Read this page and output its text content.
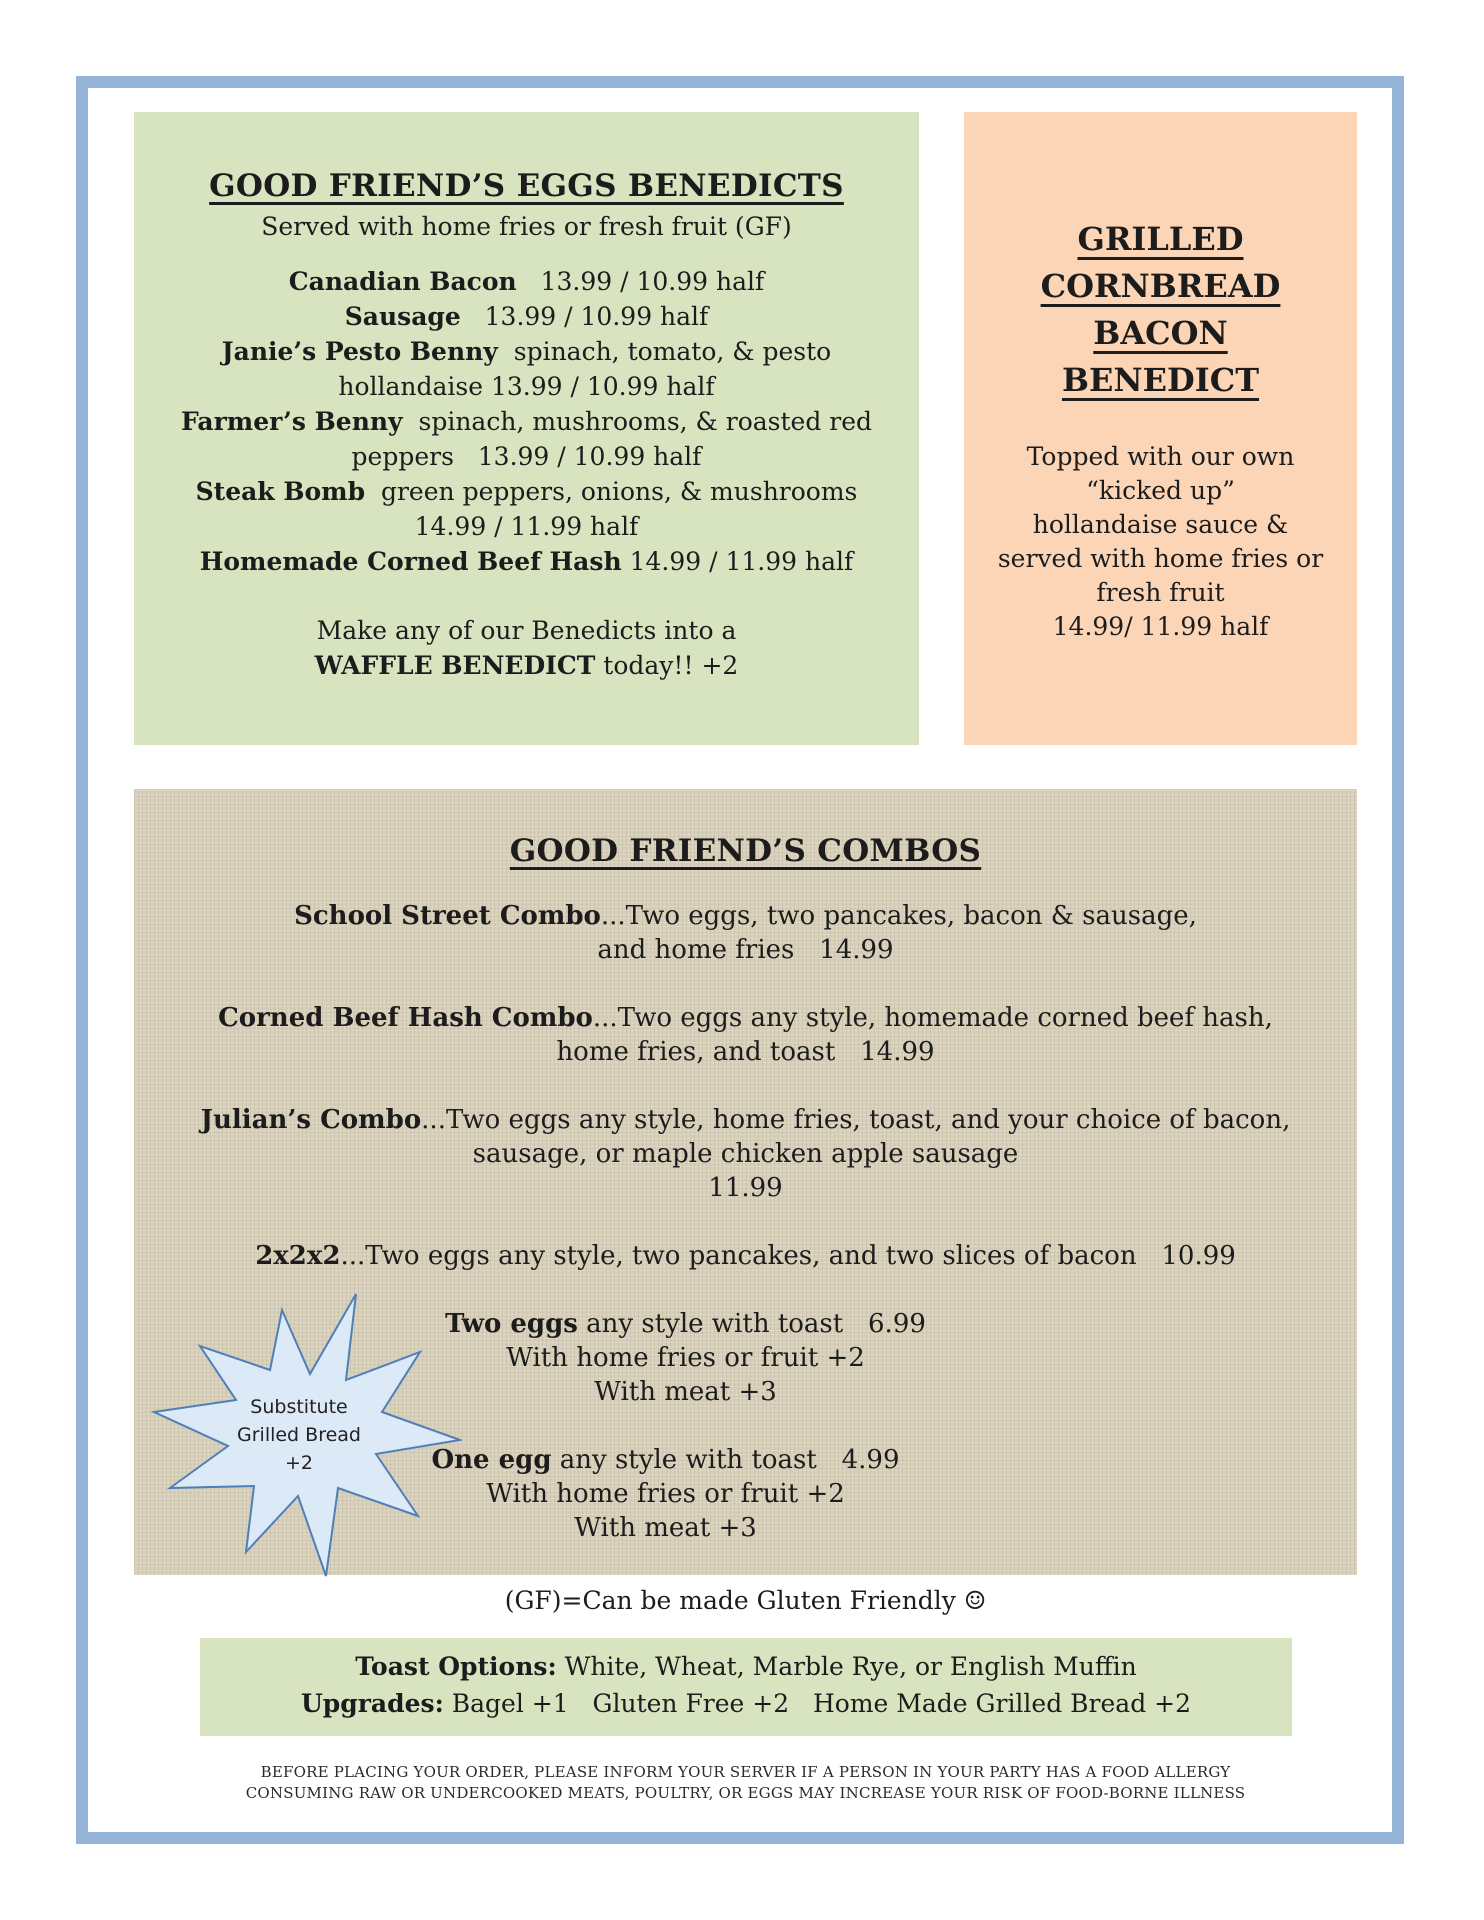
GOOD FRIEND’S EGGS BENEDICTS
Served with home fries or fresh fruit (GF)
Canadian Bacon   13.99 / 10.99 half
Sausage   13.99 / 10.99 half
Janie’s Pesto Benny  spinach, tomato, & pesto
hollandaise 13.99 / 10.99 half
Farmer’s Benny  spinach, mushrooms, & roasted red
peppers   13.99 / 10.99 half
Steak Bomb  green peppers, onions, & mushrooms
14.99 / 11.99 half
Homemade Corned Beef Hash 14.99 / 11.99 half
Make any of our Benedicts into a
WAFFLE BENEDICT today!! +2
GRILLED
CORNBREAD
BACON
BENEDICT
Topped with our own
“kicked up”
hollandaise sauce &
served with home fries or
fresh fruit
14.99/ 11.99 half
GOOD FRIEND’S COMBOS
School Street Combo...Two eggs, two pancakes, bacon & sausage,
and home fries   14.99
Corned Beef Hash Combo...Two eggs any style, homemade corned beef hash,
home fries, and toast   14.99
Julian’s Combo...Two eggs any style, home fries, toast, and your choice of bacon,
sausage, or maple chicken apple sausage
11.99
2x2x2...Two eggs any style, two pancakes, and two slices of bacon   10.99
Two eggs any style with toast   6.99
With home fries or fruit +2
With meat +3
One egg any style with toast   4.99
With home fries or fruit +2
With meat +3
Substitute
Grilled Bread
+2
(GF)=Can be made Gluten Friendly ☺
Toast Options: White, Wheat, Marble Rye, or English Muffin
Upgrades: Bagel +1   Gluten Free +2   Home Made Grilled Bread +2
BEFORE PLACING YOUR ORDER, PLEASE INFORM YOUR SERVER IF A PERSON IN YOUR PARTY HAS A FOOD ALLERGY
CONSUMING RAW OR UNDERCOOKED MEATS, POULTRY, OR EGGS MAY INCREASE YOUR RISK OF FOOD-BORNE ILLNESS
